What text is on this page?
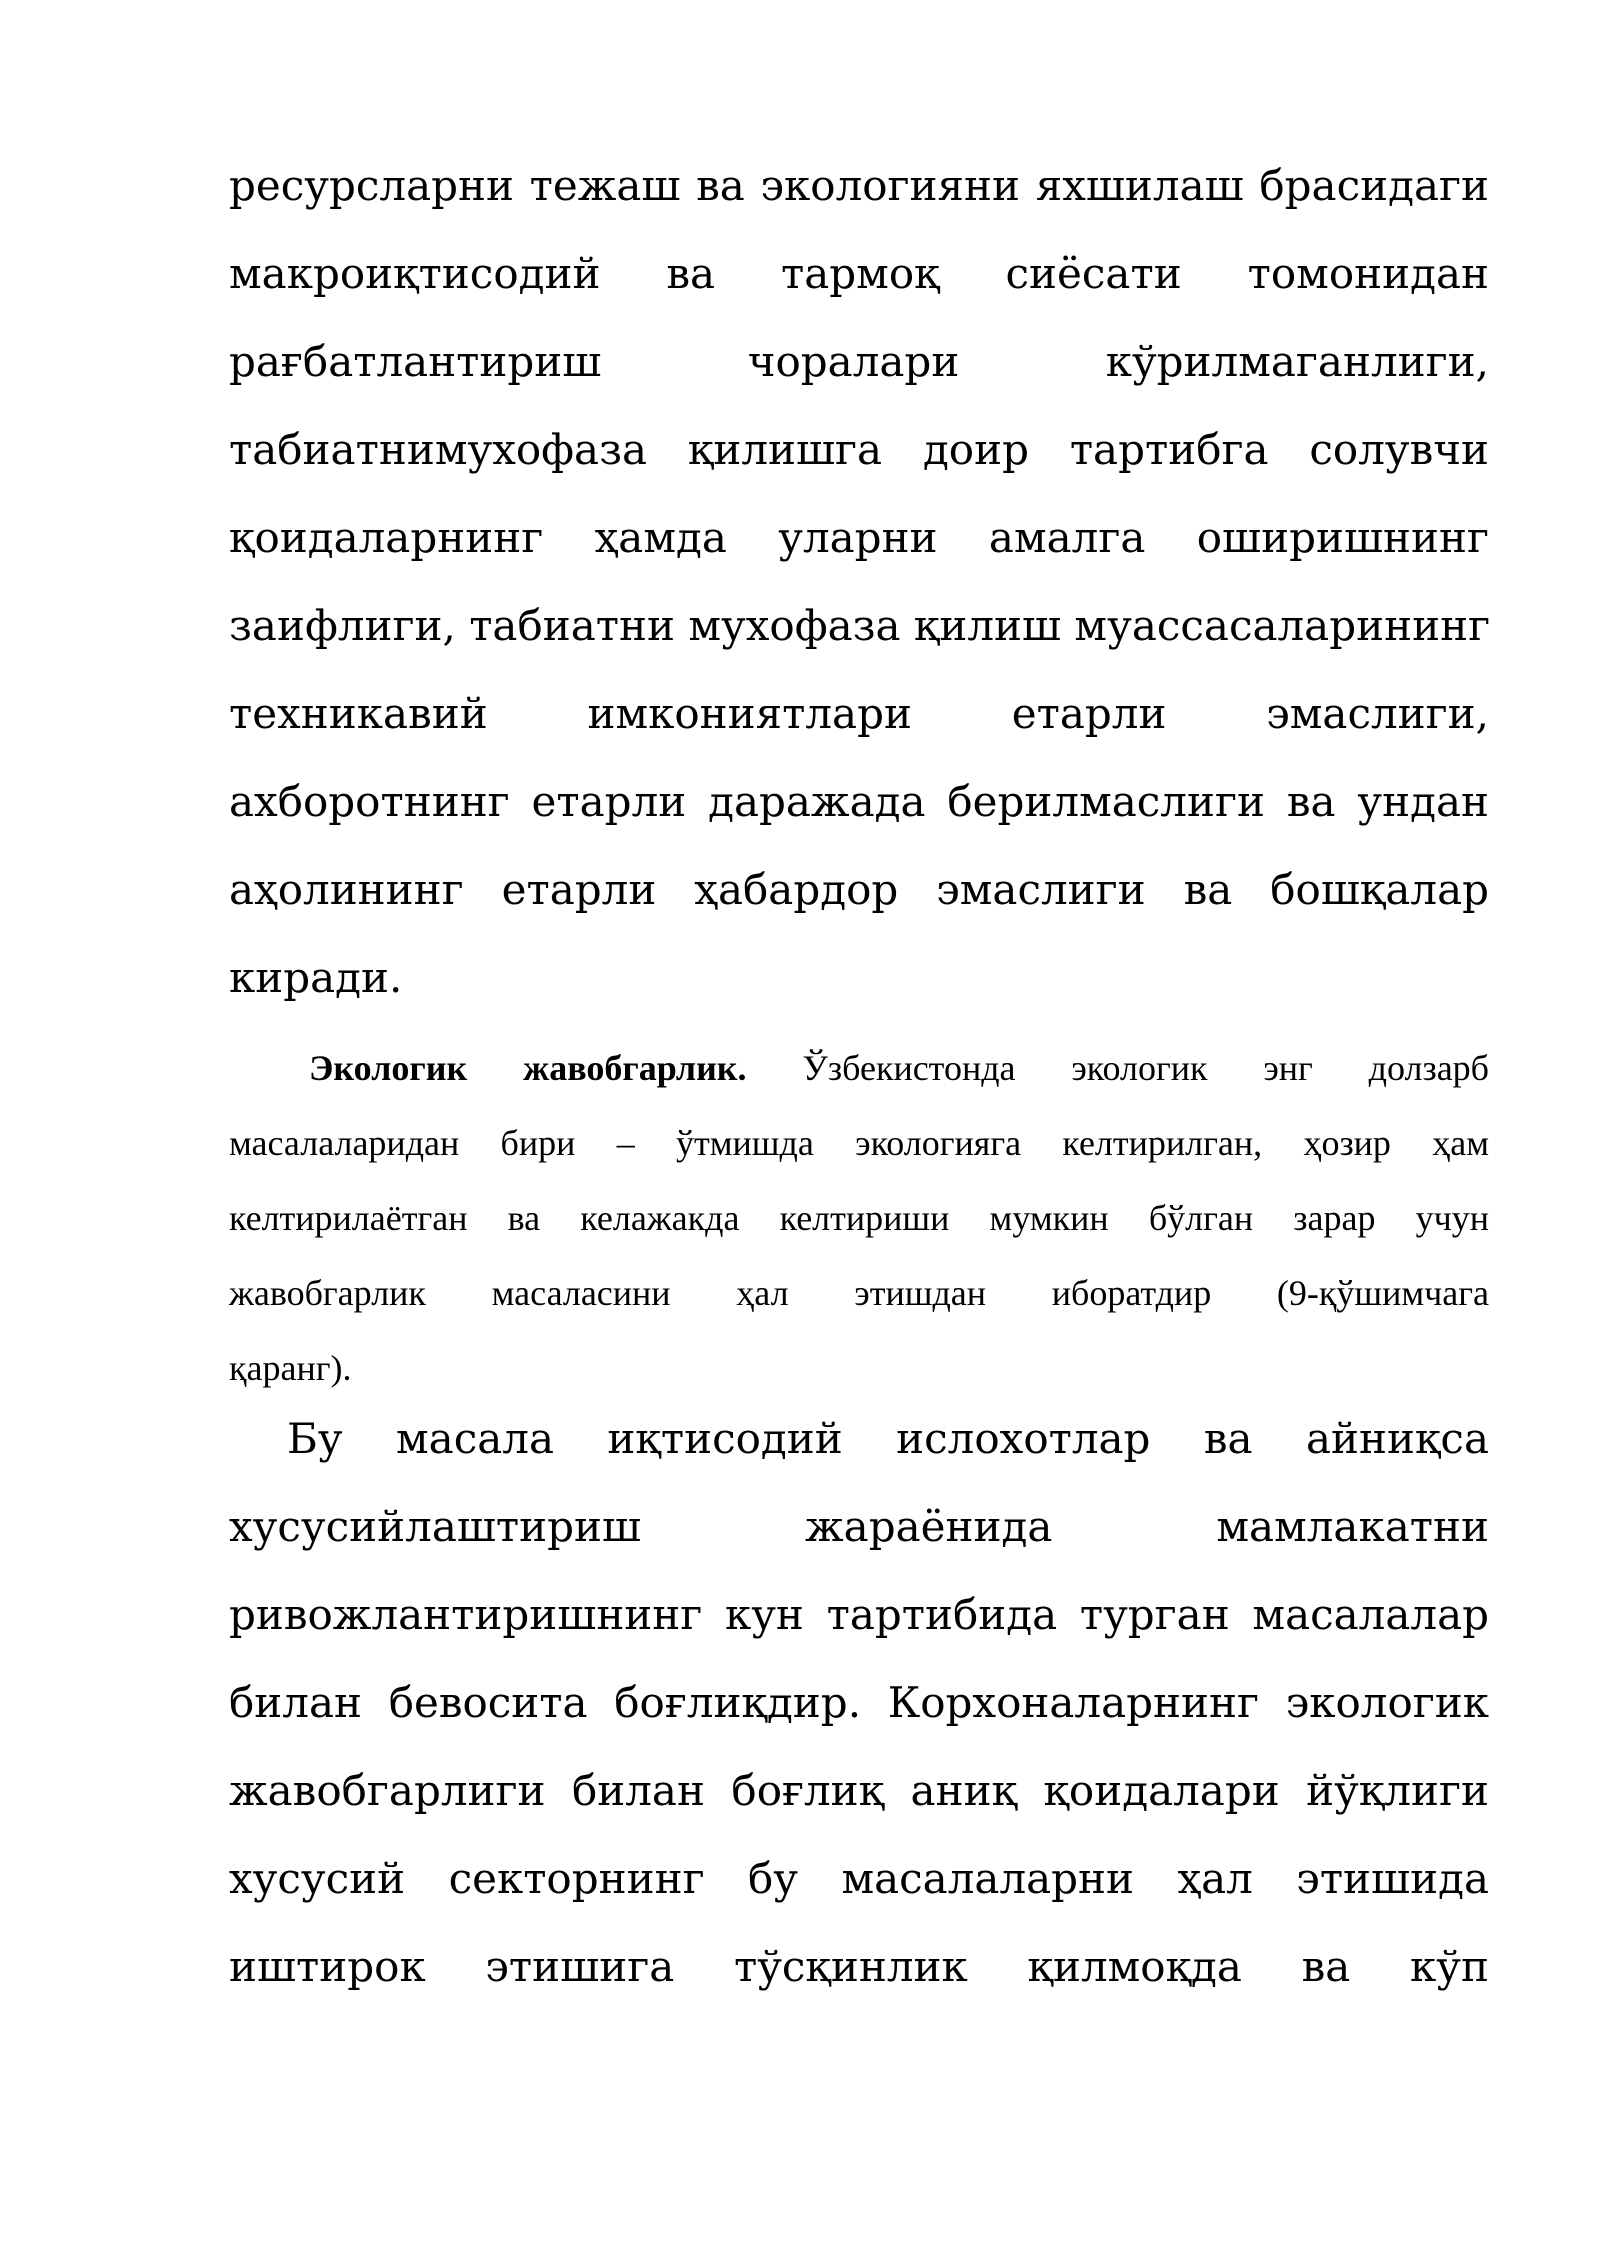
ресурсларни тежаш ва экологияни яхшилаш брасидаги
макроиқтисодий ва тармоқ сиёсати томонидан
рағбатлантириш чоралари кўрилмаганлиги,
табиатнимухофаза қилишга доир тартибга солувчи
қоидаларнинг ҳамда уларни амалга оширишнинг
заифлиги, табиатни мухофаза қилиш муассасаларининг
техникавий имкониятлари етарли эмаслиги,
ахборотнинг етарли даражада берилмаслиги ва ундан
аҳолининг етарли ҳабардор эмаслиги ва бошқалар
киради.
Экологик жавобгарлик. Ўзбекистонда экологик энг долзарб
масалаларидан бири – ўтмишда экологияга келтирилган, ҳозир ҳам
келтирилаётган ва келажакда келтириши мумкин бўлган зарар учун
жавобгарлик масаласини ҳал этишдан иборатдир (9-қўшимчага
қаранг).
Бу масала иқтисодий ислохотлар ва айниқса
хусусийлаштириш жараёнида мамлакатни
ривожлантиришнинг кун тартибида турган масалалар
билан бевосита боғлиқдир. Корхоналарнинг экологик
жавобгарлиги билан боғлиқ аниқ қоидалари йўқлиги
хусусий секторнинг бу масалаларни ҳал этишида
иштирок этишига тўсқинлик қилмоқда ва кўп
